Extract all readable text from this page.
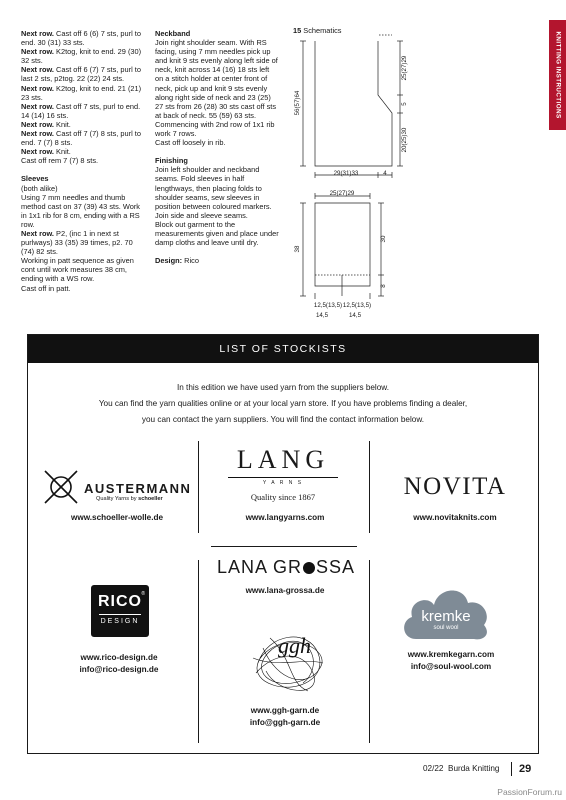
KNITTING INSTRUCTIONS

Next row. Cast off 6 (6) 7 sts, purl to end. 30 (31) 33 sts.

Next row. K2tog, knit to end. 29 (30) 32 sts.

Next row. Cast off 6 (7) 7 sts, purl to last 2 sts, p2tog. 22 (22) 24 sts.

Next row. K2tog, knit to end. 21 (21) 23 sts.

Next row. Cast off 7 sts, purl to end. 14 (14) 16 sts.

Next row. Knit.

Next row. Cast off 7 (7) 8 sts, purl to end. 7 (7) 8 sts.

Next row. Knit.

Cast off rem 7 (7) 8 sts.

Sleeves

(both alike)

Using 7 mm needles and thumb method cast on 37 (39) 43 sts. Work in 1x1 rib for 8 cm, ending with a RS row.

Next row. P2, (inc 1 in next st purlways) 33 (35) 39 times, p2. 70 (74) 82 sts.

Working in patt sequence as given cont until work measures 38 cm, ending with a WS row.

Cast off in patt.

Neckband

Join right shoulder seam. With RS facing, using 7 mm needles pick up and knit 9 sts evenly along left side of neck, knit across 14 (16) 18 sts left on a stitch holder at center front of neck, pick up and knit 9 sts evenly along right side of neck and 23 (25) 27 sts from 26 (28) 30 sts cast off sts at back of neck. 55 (59) 63 sts.

Commencing with 2nd row of 1x1 rib work 7 rows.

Cast off loosely in rib.

Finishing

Join left shoulder and neckband seams. Fold sleeves in half lengthways, then placing folds to shoulder seams, sew sleeves in position between coloured markers. Join side and sleeve seams.

Block out garment to the measurements given and place under damp cloths and leave until dry.

Design: Rico

15 Schematics
56(57)64
25(27)29
5
20(25)30
29(31)33	4
25(27)29
38
30
8
12,5(13,5) 12,5(13,5)
14,5	14,5
LIST OF STOCKISTS

In this edition we have used yarn from the suppliers below.

You can find the yarn qualities online or at your local yarn store. If you have problems finding a dealer,

you can contact the yarn suppliers. You will find the contact information below.

AUSTERMANN
Quality Yarns by schoeller
www.schoeller-wolle.de
LANG
Y A R N S
Quality since 1867
www.langyarns.com
NOVITA
www.novitaknits.com
LANA GR SSA
www.lana-grossa.de
RICO ®
DESIGN
www.rico-design.de
info@rico-design.de
ggh
www.ggh-garn.de
info@ggh-garn.de
kremke
soul wool
www.kremkegarn.com
info@soul-wool.com
02/22 Burda Knitting 29
PassionForum.ru
